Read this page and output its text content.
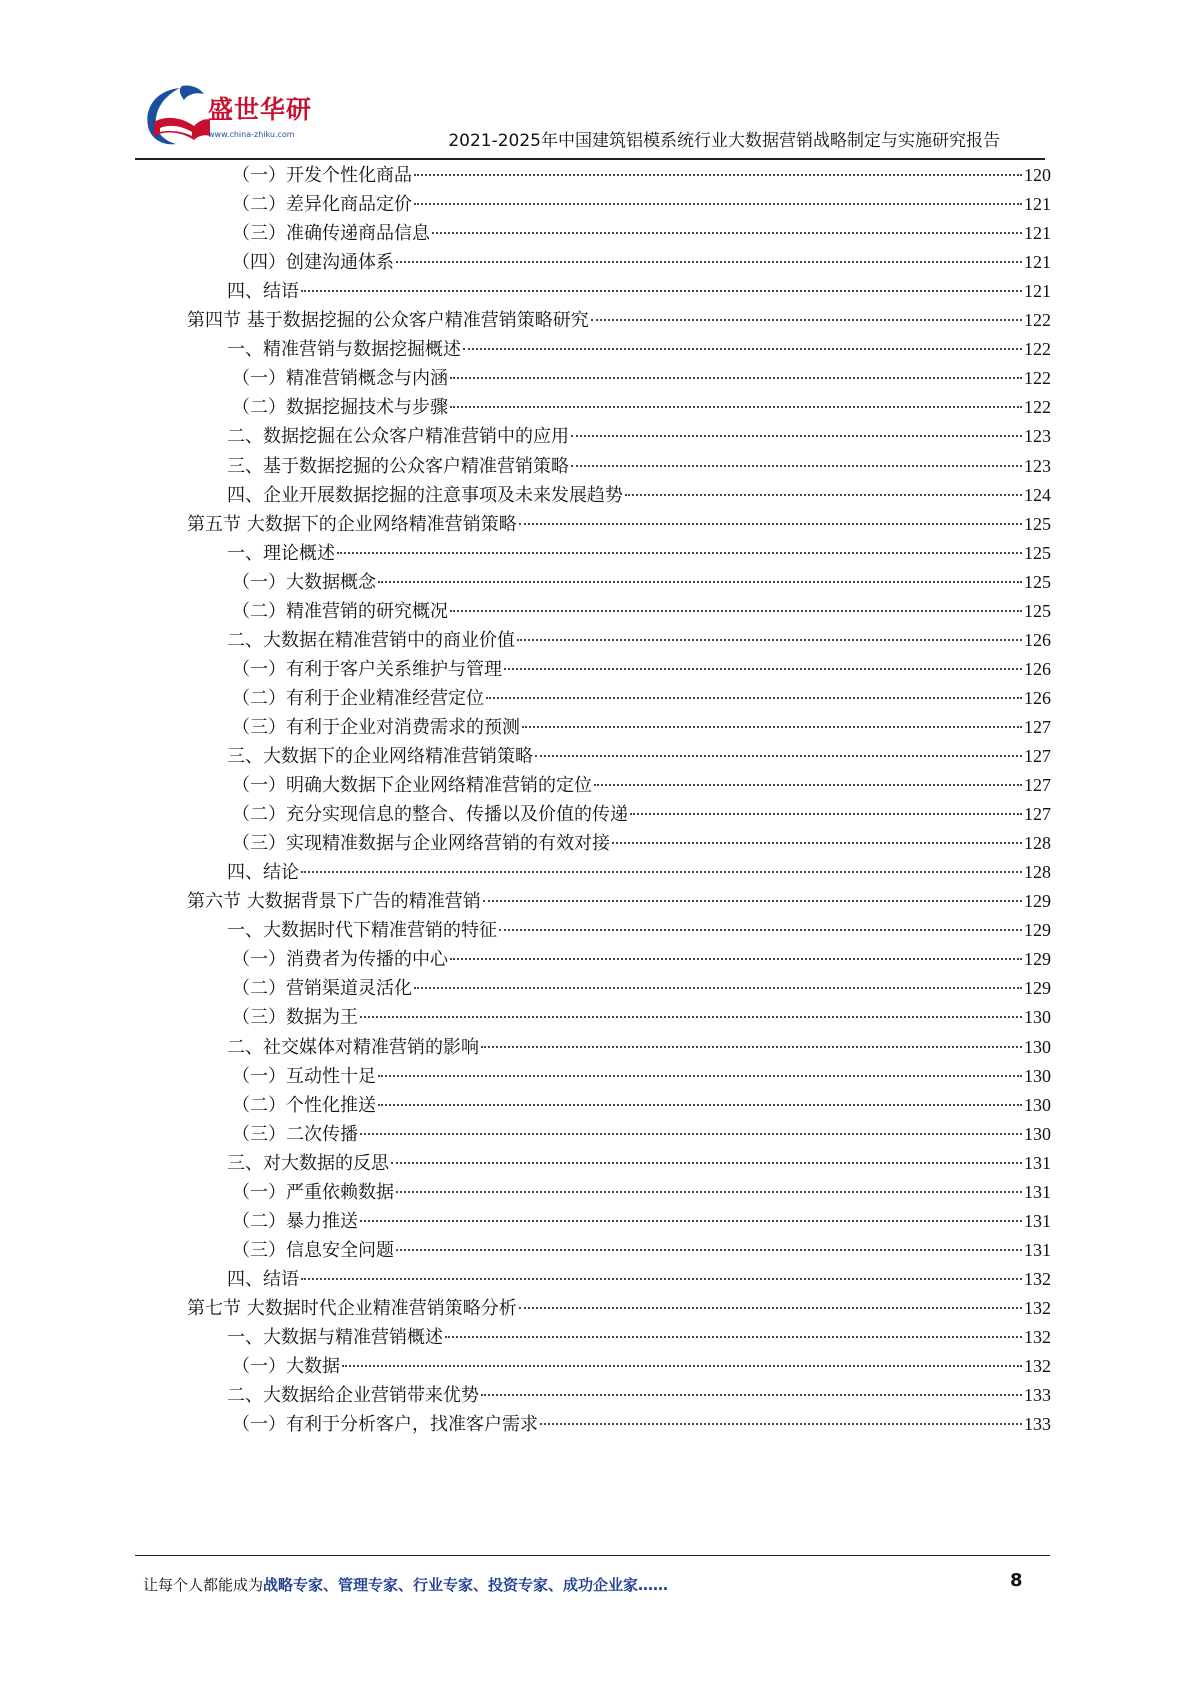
盛世华研
www.china-zhiku.com	2021-2025年中国建筑铝模系统行业大数据营销战略制定与实施研究报告
（一）开发个性化商品	120
（二）差异化商品定价	121
（三）准确传递商品信息	121
（四）创建沟通体系	121
四、结语	121
第四节 基于数据挖掘的公众客户精准营销策略研究	122
一、精准营销与数据挖掘概述	122
（一）精准营销概念与内涵	122
（二）数据挖掘技术与步骤	122
二、数据挖掘在公众客户精准营销中的应用	123
三、基于数据挖掘的公众客户精准营销策略	123
四、企业开展数据挖掘的注意事项及未来发展趋势	124
第五节 大数据下的企业网络精准营销策略	125
一、理论概述	125
（一）大数据概念	125
（二）精准营销的研究概况	125
二、大数据在精准营销中的商业价值	126
（一）有利于客户关系维护与管理	126
（二）有利于企业精准经营定位	126
（三）有利于企业对消费需求的预测	127
三、大数据下的企业网络精准营销策略	127
（一）明确大数据下企业网络精准营销的定位	127
（二）充分实现信息的整合、传播以及价值的传递	127
（三）实现精准数据与企业网络营销的有效对接	128
四、结论	128
第六节 大数据背景下广告的精准营销	129
一、大数据时代下精准营销的特征	129
（一）消费者为传播的中心	129
（二）营销渠道灵活化	129
（三）数据为王	130
二、社交媒体对精准营销的影响	130
（一）互动性十足	130
（二）个性化推送	130
（三）二次传播	130
三、对大数据的反思	131
（一）严重依赖数据	131
（二）暴力推送	131
（三）信息安全问题	131
四、结语	132
第七节 大数据时代企业精准营销策略分析	132
一、大数据与精准营销概述	132
（一）大数据	132
二、大数据给企业营销带来优势	133
（一）有利于分析客户，找准客户需求	133
让每个人都能成为战略专家、管理专家、行业专家、投资专家、成功企业家……	8
